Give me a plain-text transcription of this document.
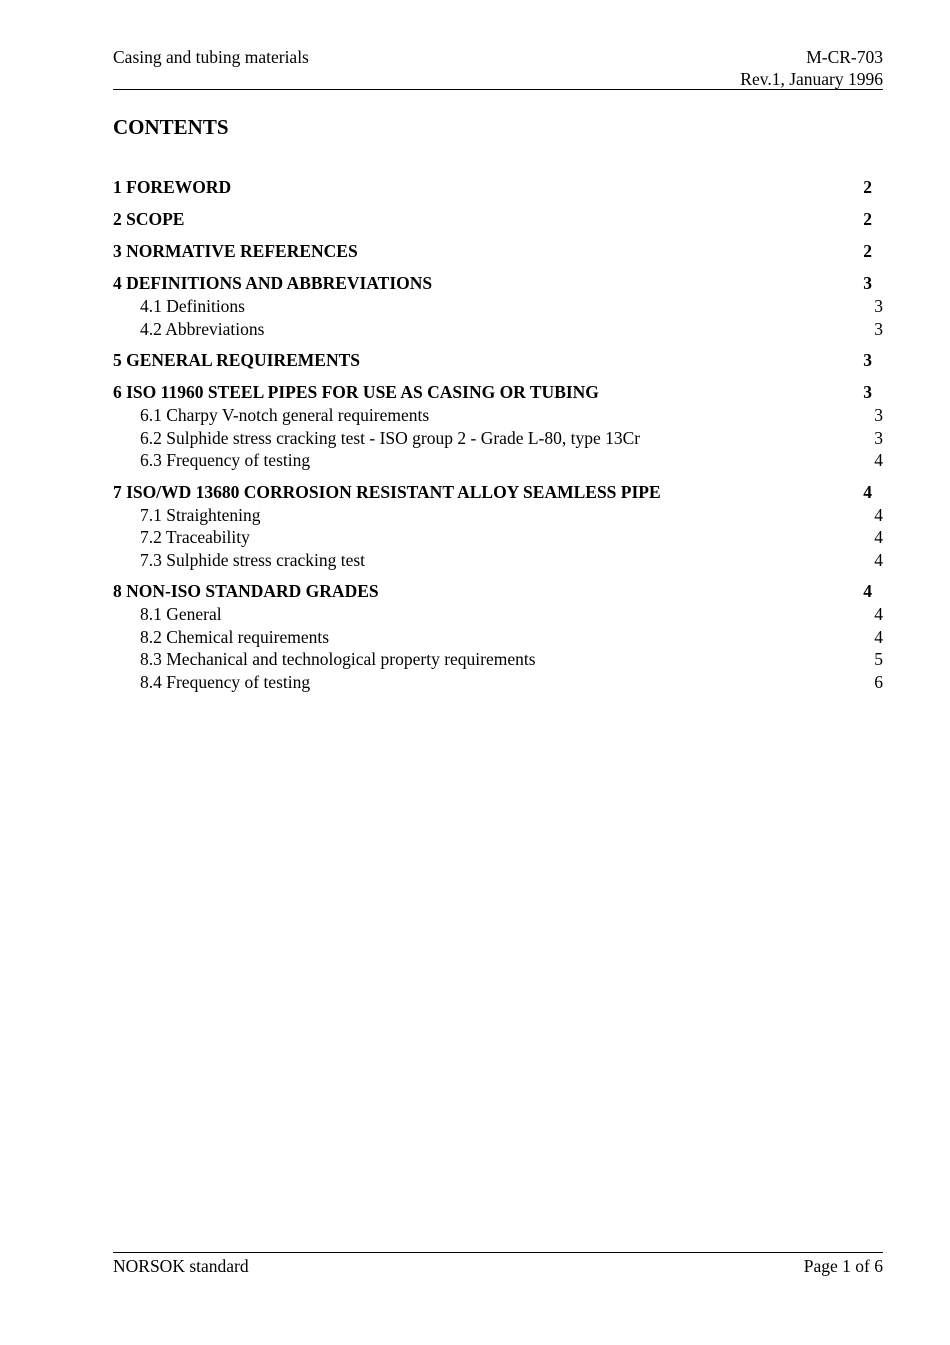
Casing and tubing materials	M-CR-703
Rev.1, January 1996
CONTENTS
1 FOREWORD	2
2 SCOPE	2
3 NORMATIVE REFERENCES	2
4 DEFINITIONS AND ABBREVIATIONS	3
4.1 Definitions	3
4.2 Abbreviations	3
5 GENERAL REQUIREMENTS	3
6 ISO 11960 STEEL PIPES FOR USE AS CASING OR TUBING	3
6.1 Charpy V-notch general requirements	3
6.2 Sulphide stress cracking test - ISO group 2 - Grade L-80, type 13Cr	3
6.3 Frequency of testing	4
7 ISO/WD 13680 CORROSION RESISTANT ALLOY SEAMLESS PIPE	4
7.1 Straightening	4
7.2 Traceability	4
7.3 Sulphide stress cracking test	4
8 NON-ISO STANDARD GRADES	4
8.1 General	4
8.2 Chemical requirements	4
8.3 Mechanical and technological property requirements	5
8.4 Frequency of testing	6
NORSOK standard	Page 1 of 6
